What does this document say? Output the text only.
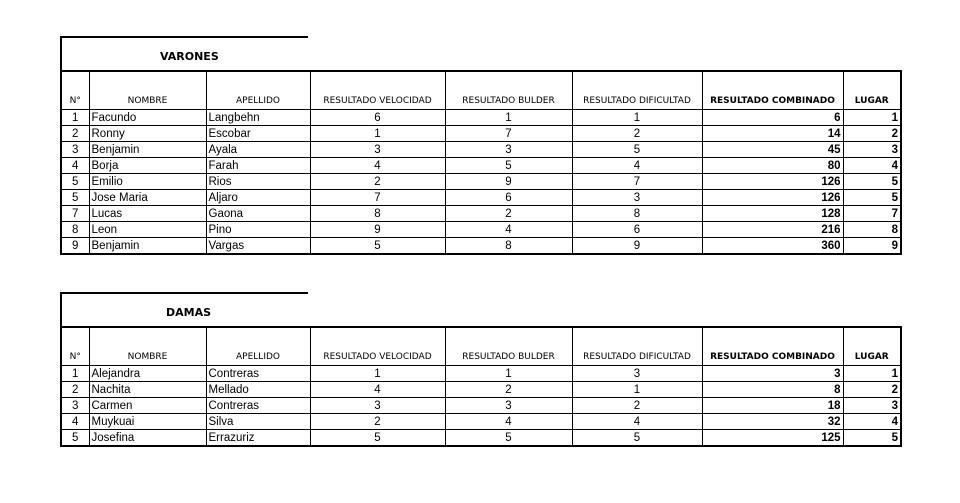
VARONES
N°	NOMBRE	APELLIDO	RESULTADO VELOCIDAD	RESULTADO BULDER	RESULTADO DIFICULTAD	RESULTADO COMBINADO	LUGAR
1	Facundo	Langbehn	6	1	1	6	1
2	Ronny	Escobar	1	7	2	14	2
3	Benjamin	Ayala	3	3	5	45	3
4	Borja	Farah	4	5	4	80	4
5	Emilio	Rios	2	9	7	126	5
5	Jose Maria	Aljaro	7	6	3	126	5
7	Lucas	Gaona	8	2	8	128	7
8	Leon	Pino	9	4	6	216	8
9	Benjamin	Vargas	5	8	9	360	9
DAMAS
N°	NOMBRE	APELLIDO	RESULTADO VELOCIDAD	RESULTADO BULDER	RESULTADO DIFICULTAD	RESULTADO COMBINADO	LUGAR
1	Alejandra	Contreras	1	1	3	3	1
2	Nachita	Mellado	4	2	1	8	2
3	Carmen	Contreras	3	3	2	18	3
4	Muykuai	Silva	2	4	4	32	4
5	Josefina	Errazuriz	5	5	5	125	5
